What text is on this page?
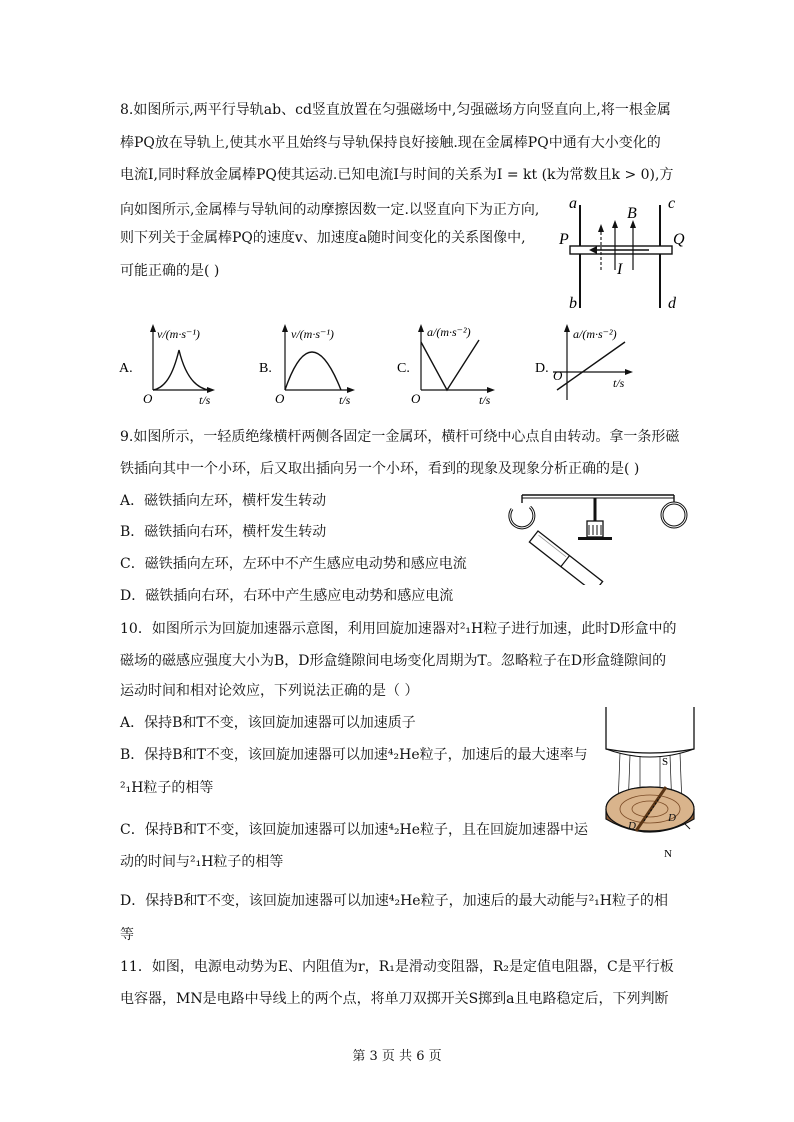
8.如图所示,两平行导轨ab、cd竖直放置在匀强磁场中,匀强磁场方向竖直向上,将一根金属
棒PQ放在导轨上,使其水平且始终与导轨保持良好接触.现在金属棒PQ中通有大小变化的
电流I,同时释放金属棒PQ使其运动.已知电流I与时间的关系为I = kt (k为常数且k > 0),方
向如图所示,金属棒与导轨间的动摩擦因数一定.以竖直向下为正方向,
则下列关于金属棒PQ的速度v、加速度a随时间变化的关系图像中,
可能正确的是( )
a	c
b	d
P	Q
B
I
A.
v/(m·s⁻¹)
O	t/s
B.
v/(m·s⁻¹)
O	t/s
C.
a/(m·s⁻²)
O	t/s
D.
a/(m·s⁻²)
O	t/s
9.如图所示，一轻质绝缘横杆两侧各固定一金属环，横杆可绕中心点自由转动。拿一条形磁
铁插向其中一个小环，后又取出插向另一个小环，看到的现象及现象分析正确的是( )
A．磁铁插向左环，横杆发生转动
B．磁铁插向右环，横杆发生转动
C．磁铁插向左环，左环中不产生感应电动势和感应电流
D．磁铁插向右环，右环中产生感应电动势和感应电流
10．如图所示为回旋加速器示意图，利用回旋加速器对²₁H粒子进行加速，此时D形盒中的
磁场的磁感应强度大小为B，D形盒缝隙间电场变化周期为T。忽略粒子在D形盒缝隙间的
运动时间和相对论效应，下列说法正确的是（ ）
A．保持B和T不变，该回旋加速器可以加速质子
B．保持B和T不变，该回旋加速器可以加速⁴₂He粒子，加速后的最大速率与
²₁H粒子的相等
C．保持B和T不变，该回旋加速器可以加速⁴₂He粒子，且在回旋加速器中运
动的时间与²₁H粒子的相等
D．保持B和T不变，该回旋加速器可以加速⁴₂He粒子，加速后的最大动能与²₁H粒子的相
等
D
D
S
N
11．如图，电源电动势为E、内阻值为r，R₁是滑动变阻器，R₂是定值电阻器，C是平行板
电容器，MN是电路中导线上的两个点，将单刀双掷开关S掷到a且电路稳定后，下列判断
第 3 页 共 6 页
